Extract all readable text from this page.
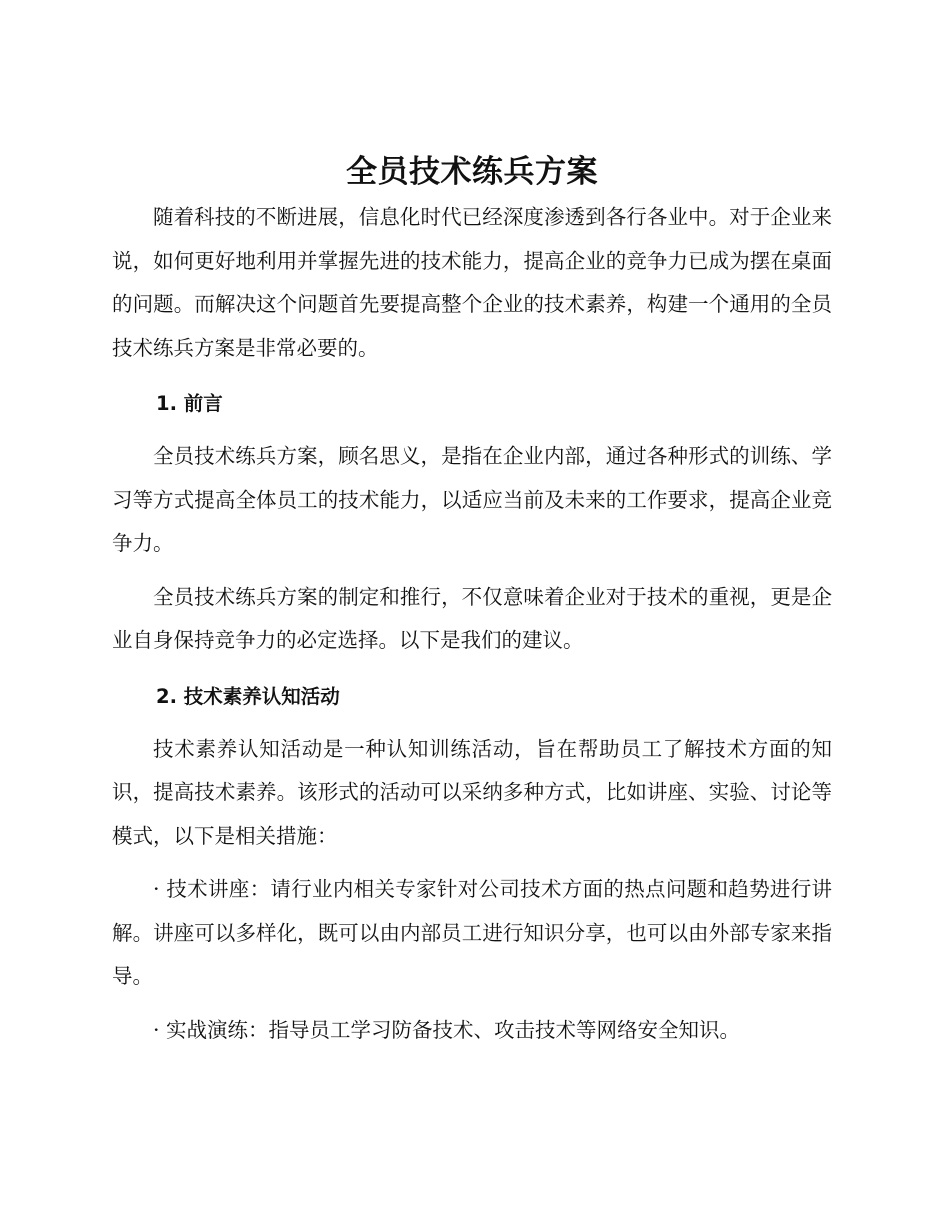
全员技术练兵方案

随着科技的不断进展，信息化时代已经深度渗透到各行各业中。对于企业来说，如何更好地利用并掌握先进的技术能力，提高企业的竞争力已成为摆在桌面的问题。而解决这个问题首先要提高整个企业的技术素养，构建一个通用的全员技术练兵方案是非常必要的。

1. 前言

全员技术练兵方案，顾名思义，是指在企业内部，通过各种形式的训练、学习等方式提高全体员工的技术能力，以适应当前及未来的工作要求，提高企业竞争力。

全员技术练兵方案的制定和推行，不仅意味着企业对于技术的重视，更是企业自身保持竞争力的必定选择。以下是我们的建议。

2. 技术素养认知活动

技术素养认知活动是一种认知训练活动，旨在帮助员工了解技术方面的知识，提高技术素养。该形式的活动可以采纳多种方式，比如讲座、实验、讨论等模式，以下是相关措施：

· 技术讲座：请行业内相关专家针对公司技术方面的热点问题和趋势进行讲解。讲座可以多样化，既可以由内部员工进行知识分享，也可以由外部专家来指导。

· 实战演练：指导员工学习防备技术、攻击技术等网络安全知识。
